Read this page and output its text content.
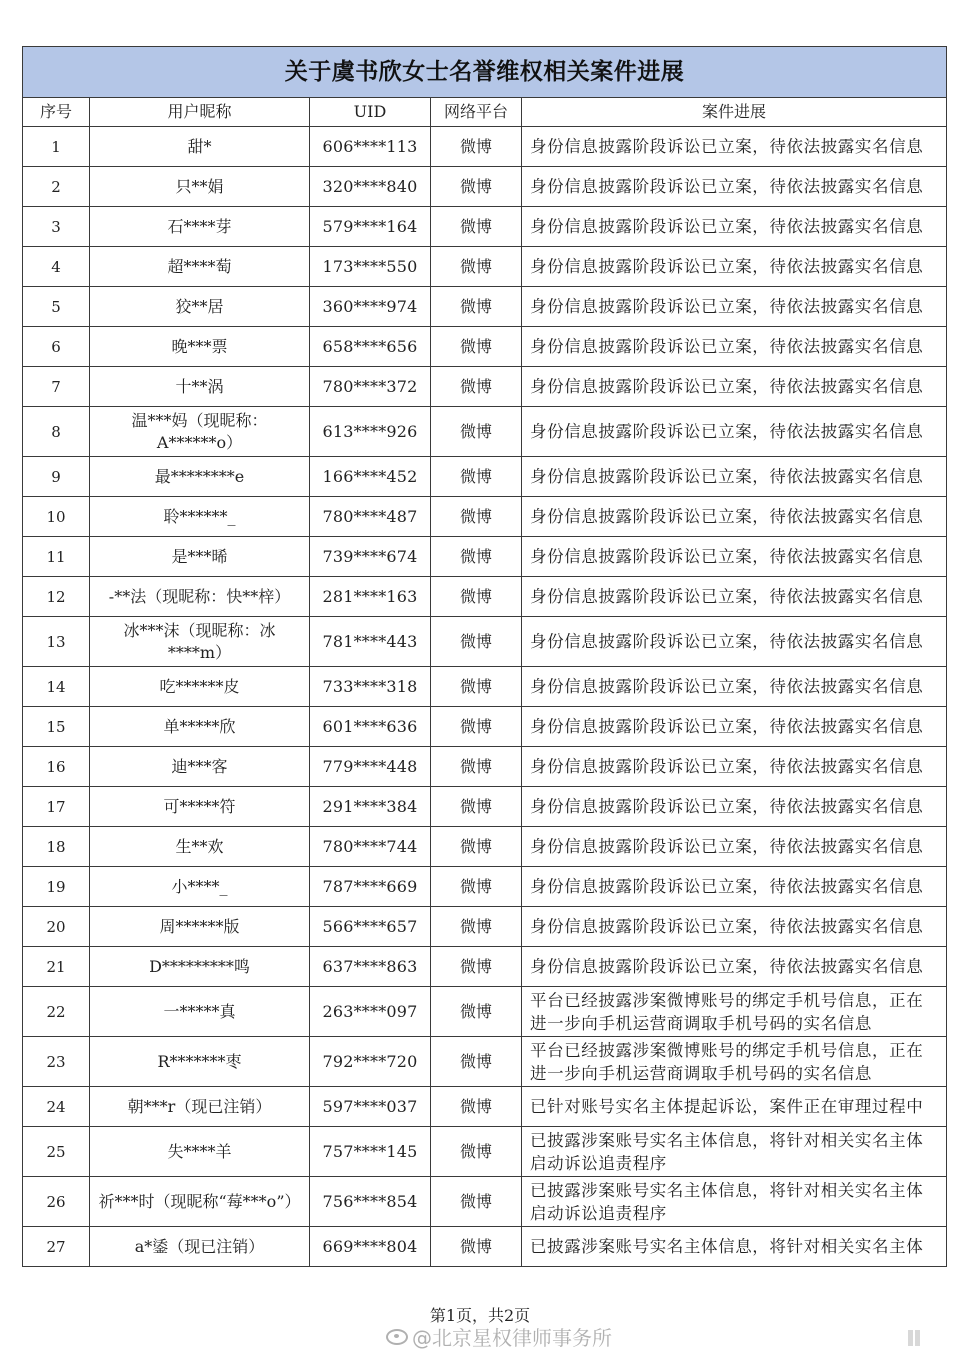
关于虞书欣女士名誉维权相关案件进展				
序号	用户昵称	UID	网络平台	案件进展
1	甜*	606****113	微博	身份信息披露阶段诉讼已立案，待依法披露实名信息
2	只**娟	320****840	微博	身份信息披露阶段诉讼已立案，待依法披露实名信息
3	石****芽	579****164	微博	身份信息披露阶段诉讼已立案，待依法披露实名信息
4	超****萄	173****550	微博	身份信息披露阶段诉讼已立案，待依法披露实名信息
5	狡**居	360****974	微博	身份信息披露阶段诉讼已立案，待依法披露实名信息
6	晚***票	658****656	微博	身份信息披露阶段诉讼已立案，待依法披露实名信息
7	十**涡	780****372	微博	身份信息披露阶段诉讼已立案，待依法披露实名信息
8	温***妈（现昵称：A******o）	613****926	微博	身份信息披露阶段诉讼已立案，待依法披露实名信息
9	最********e	166****452	微博	身份信息披露阶段诉讼已立案，待依法披露实名信息
10	聆******_	780****487	微博	身份信息披露阶段诉讼已立案，待依法披露实名信息
11	是***晞	739****674	微博	身份信息披露阶段诉讼已立案，待依法披露实名信息
12	-**法（现昵称：快**梓）	281****163	微博	身份信息披露阶段诉讼已立案，待依法披露实名信息
13	冰***沫（现昵称：冰****m）	781****443	微博	身份信息披露阶段诉讼已立案，待依法披露实名信息
14	吃******皮	733****318	微博	身份信息披露阶段诉讼已立案，待依法披露实名信息
15	单*****欣	601****636	微博	身份信息披露阶段诉讼已立案，待依法披露实名信息
16	迪***客	779****448	微博	身份信息披露阶段诉讼已立案，待依法披露实名信息
17	可*****符	291****384	微博	身份信息披露阶段诉讼已立案，待依法披露实名信息
18	生**欢	780****744	微博	身份信息披露阶段诉讼已立案，待依法披露实名信息
19	小****_	787****669	微博	身份信息披露阶段诉讼已立案，待依法披露实名信息
20	周******版	566****657	微博	身份信息披露阶段诉讼已立案，待依法披露实名信息
21	D*********鸣	637****863	微博	身份信息披露阶段诉讼已立案，待依法披露实名信息
22	一*****真	263****097	微博	平台已经披露涉案微博账号的绑定手机号信息，正在进一步向手机运营商调取手机号码的实名信息
23	R*******枣	792****720	微博	平台已经披露涉案微博账号的绑定手机号信息，正在进一步向手机运营商调取手机号码的实名信息
24	朝***r（现已注销）	597****037	微博	已针对账号实名主体提起诉讼，案件正在审理过程中
25	失****羊	757****145	微博	已披露涉案账号实名主体信息，将针对相关实名主体启动诉讼追责程序
26	祈***时（现昵称“莓***o”）	756****854	微博	已披露涉案账号实名主体信息，将针对相关实名主体启动诉讼追责程序
27	a*鋈（现已注销）	669****804	微博	已披露涉案账号实名主体信息，将针对相关实名主体
第1页，共2页
@北京星权律师事务所
